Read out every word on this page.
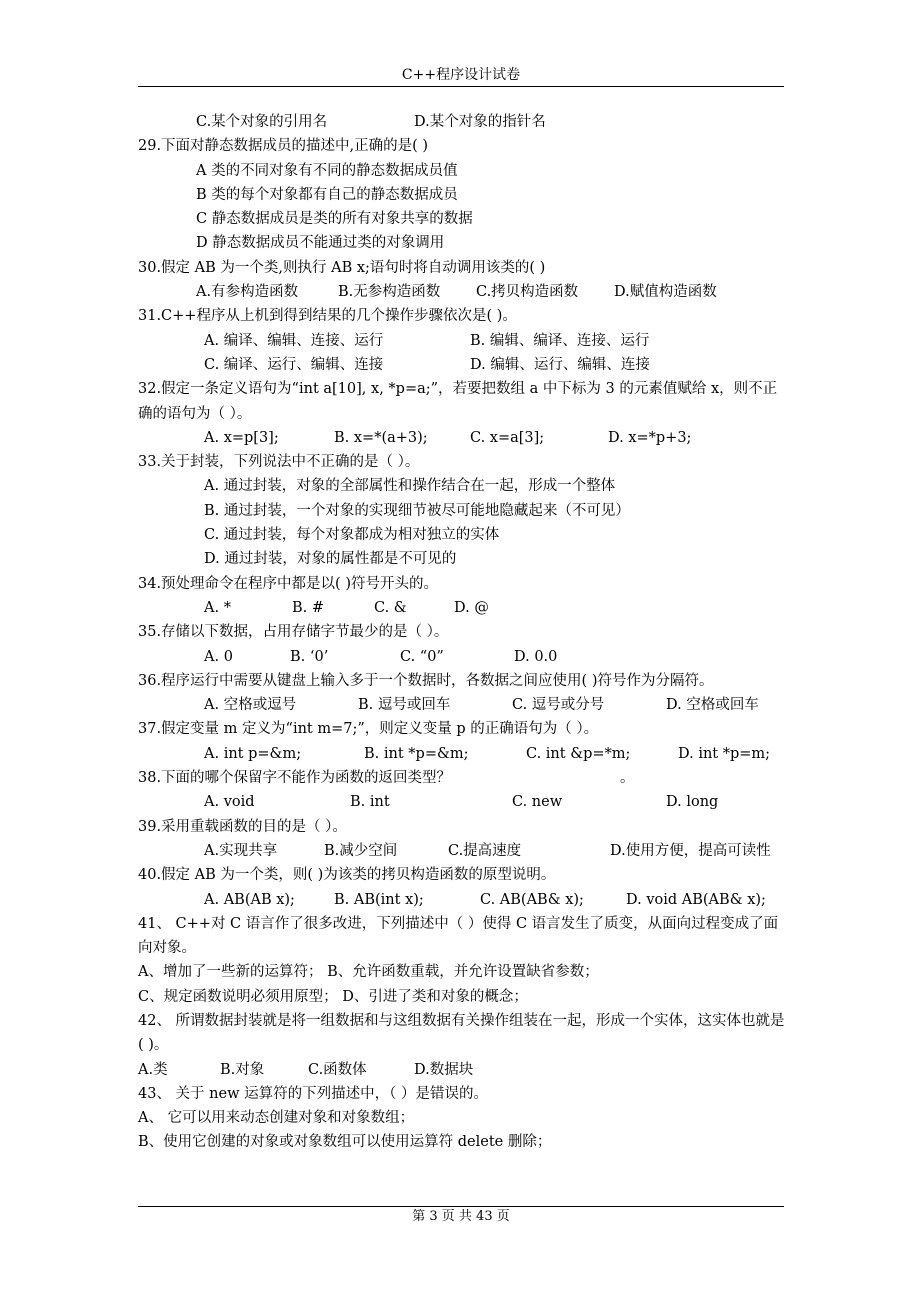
C++程序设计试卷
C.某个对象的引用名	D.某个对象的指针名
29.下面对静态数据成员的描述中,正确的是( )
A 类的不同对象有不同的静态数据成员值
B 类的每个对象都有自己的静态数据成员
C 静态数据成员是类的所有对象共享的数据
D 静态数据成员不能通过类的对象调用
30.假定 AB 为一个类,则执行 AB x;语句时将自动调用该类的( )
A.有参构造函数	B.无参构造函数	C.拷贝构造函数	D.赋值构造函数
31.C++程序从上机到得到结果的几个操作步骤依次是( )。
A. 编译、编辑、连接、运行	B. 编辑、编译、连接、运行
C. 编译、运行、编辑、连接	D. 编辑、运行、编辑、连接
32.假定一条定义语句为“int a[10], x, *p=a;”，若要把数组 a 中下标为 3 的元素值赋给 x，则不正确的语句为（ ）。
A. x=p[3];	B. x=*(a+3);	C. x=a[3];	D. x=*p+3;
33.关于封装，下列说法中不正确的是（ ）。
A. 通过封装，对象的全部属性和操作结合在一起，形成一个整体
B. 通过封装，一个对象的实现细节被尽可能地隐藏起来（不可见）
C. 通过封装，每个对象都成为相对独立的实体
D. 通过封装，对象的属性都是不可见的
34.预处理命令在程序中都是以( )符号开头的。
A. *	B. #	C. &	D. @
35.存储以下数据，占用存储字节最少的是（ ）。
A. 0	B. ‘0’	C. “0”	D. 0.0
36.程序运行中需要从键盘上输入多于一个数据时，各数据之间应使用( )符号作为分隔符。
A. 空格或逗号	B. 逗号或回车	C. 逗号或分号	D. 空格或回车
37.假定变量 m 定义为“int m=7;”，则定义变量 p 的正确语句为（ ）。
A. int p=&m;	B. int *p=&m;	C. int &p=*m;	D. int *p=m;
38.下面的哪个保留字不能作为函数的返回类型？	。
A. void	B. int	C. new	D. long
39.采用重载函数的目的是（ ）。
A.实现共享	B.减少空间	C.提高速度	D.使用方便，提高可读性
40.假定 AB 为一个类，则( )为该类的拷贝构造函数的原型说明。
A. AB(AB x);	B. AB(int x);	C. AB(AB& x);	D. void AB(AB& x);
41、 C++对 C 语言作了很多改进，下列描述中（ ）使得 C 语言发生了质变，从面向过程变成了面向对象。
A、增加了一些新的运算符； B、允许函数重载，并允许设置缺省参数；
C、规定函数说明必须用原型； D、引进了类和对象的概念；
42、 所谓数据封装就是将一组数据和与这组数据有关操作组装在一起，形成一个实体，这实体也就是( )。
A.类	B.对象	C.函数体	D.数据块
43、 关于 new 运算符的下列描述中，（ ）是错误的。
A、 它可以用来动态创建对象和对象数组；
B、使用它创建的对象或对象数组可以使用运算符 delete 删除；
第 3 页 共 43 页
